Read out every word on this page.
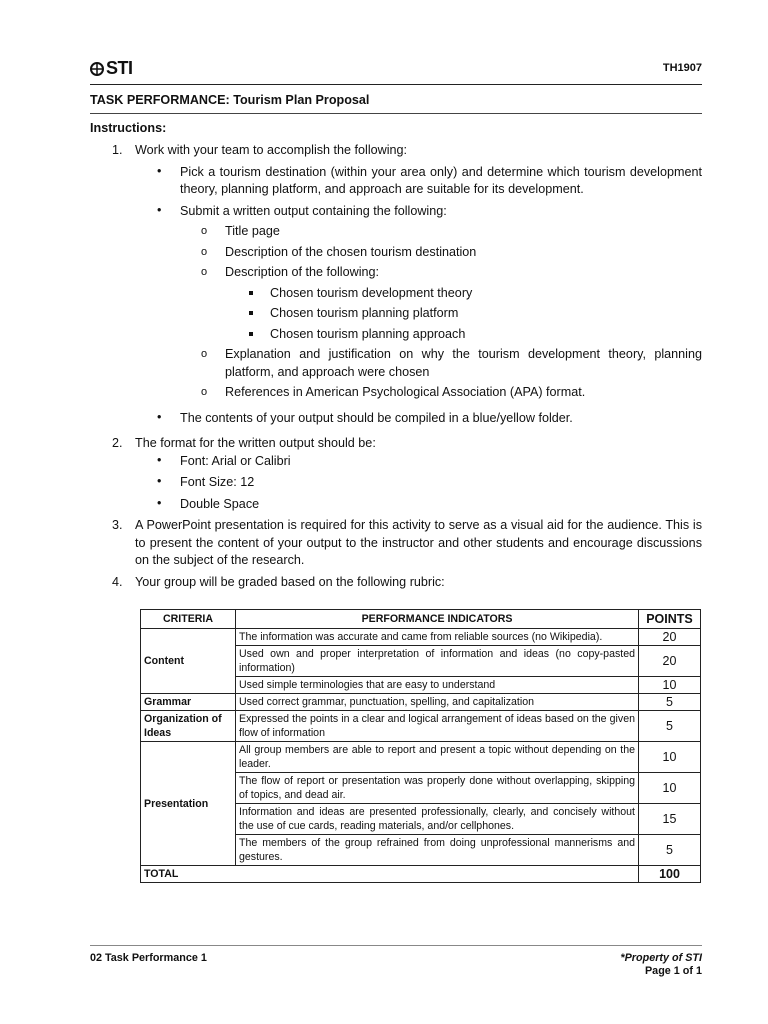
STI	TH1907
TASK PERFORMANCE: Tourism Plan Proposal
Instructions:
1. Work with your team to accomplish the following:
• Pick a tourism destination (within your area only) and determine which tourism development theory, planning platform, and approach are suitable for its development.
• Submit a written output containing the following:
o Title page
o Description of the chosen tourism destination
o Description of the following:
Chosen tourism development theory
Chosen tourism planning platform
Chosen tourism planning approach
o Explanation and justification on why the tourism development theory, planning platform, and approach were chosen
o References in American Psychological Association (APA) format.
• The contents of your output should be compiled in a blue/yellow folder.
2. The format for the written output should be:
• Font: Arial or Calibri
• Font Size: 12
• Double Space
3. A PowerPoint presentation is required for this activity to serve as a visual aid for the audience. This is to present the content of your output to the instructor and other students and encourage discussions on the subject of the research.
4. Your group will be graded based on the following rubric:
CRITERIA	PERFORMANCE INDICATORS	POINTS
Content	The information was accurate and came from reliable sources (no Wikipedia).	20
	Used own and proper interpretation of information and ideas (no copy-pasted information)	20
	Used simple terminologies that are easy to understand	10
Grammar	Used correct grammar, punctuation, spelling, and capitalization	5
Organization of Ideas	Expressed the points in a clear and logical arrangement of ideas based on the given flow of information	5
Presentation	All group members are able to report and present a topic without depending on the leader.	10
	The flow of report or presentation was properly done without overlapping, skipping of topics, and dead air.	10
	Information and ideas are presented professionally, clearly, and concisely without the use of cue cards, reading materials, and/or cellphones.	15
	The members of the group refrained from doing unprofessional mannerisms and gestures.	5
TOTAL		100
02 Task Performance 1	*Property of STI
Page 1 of 1
